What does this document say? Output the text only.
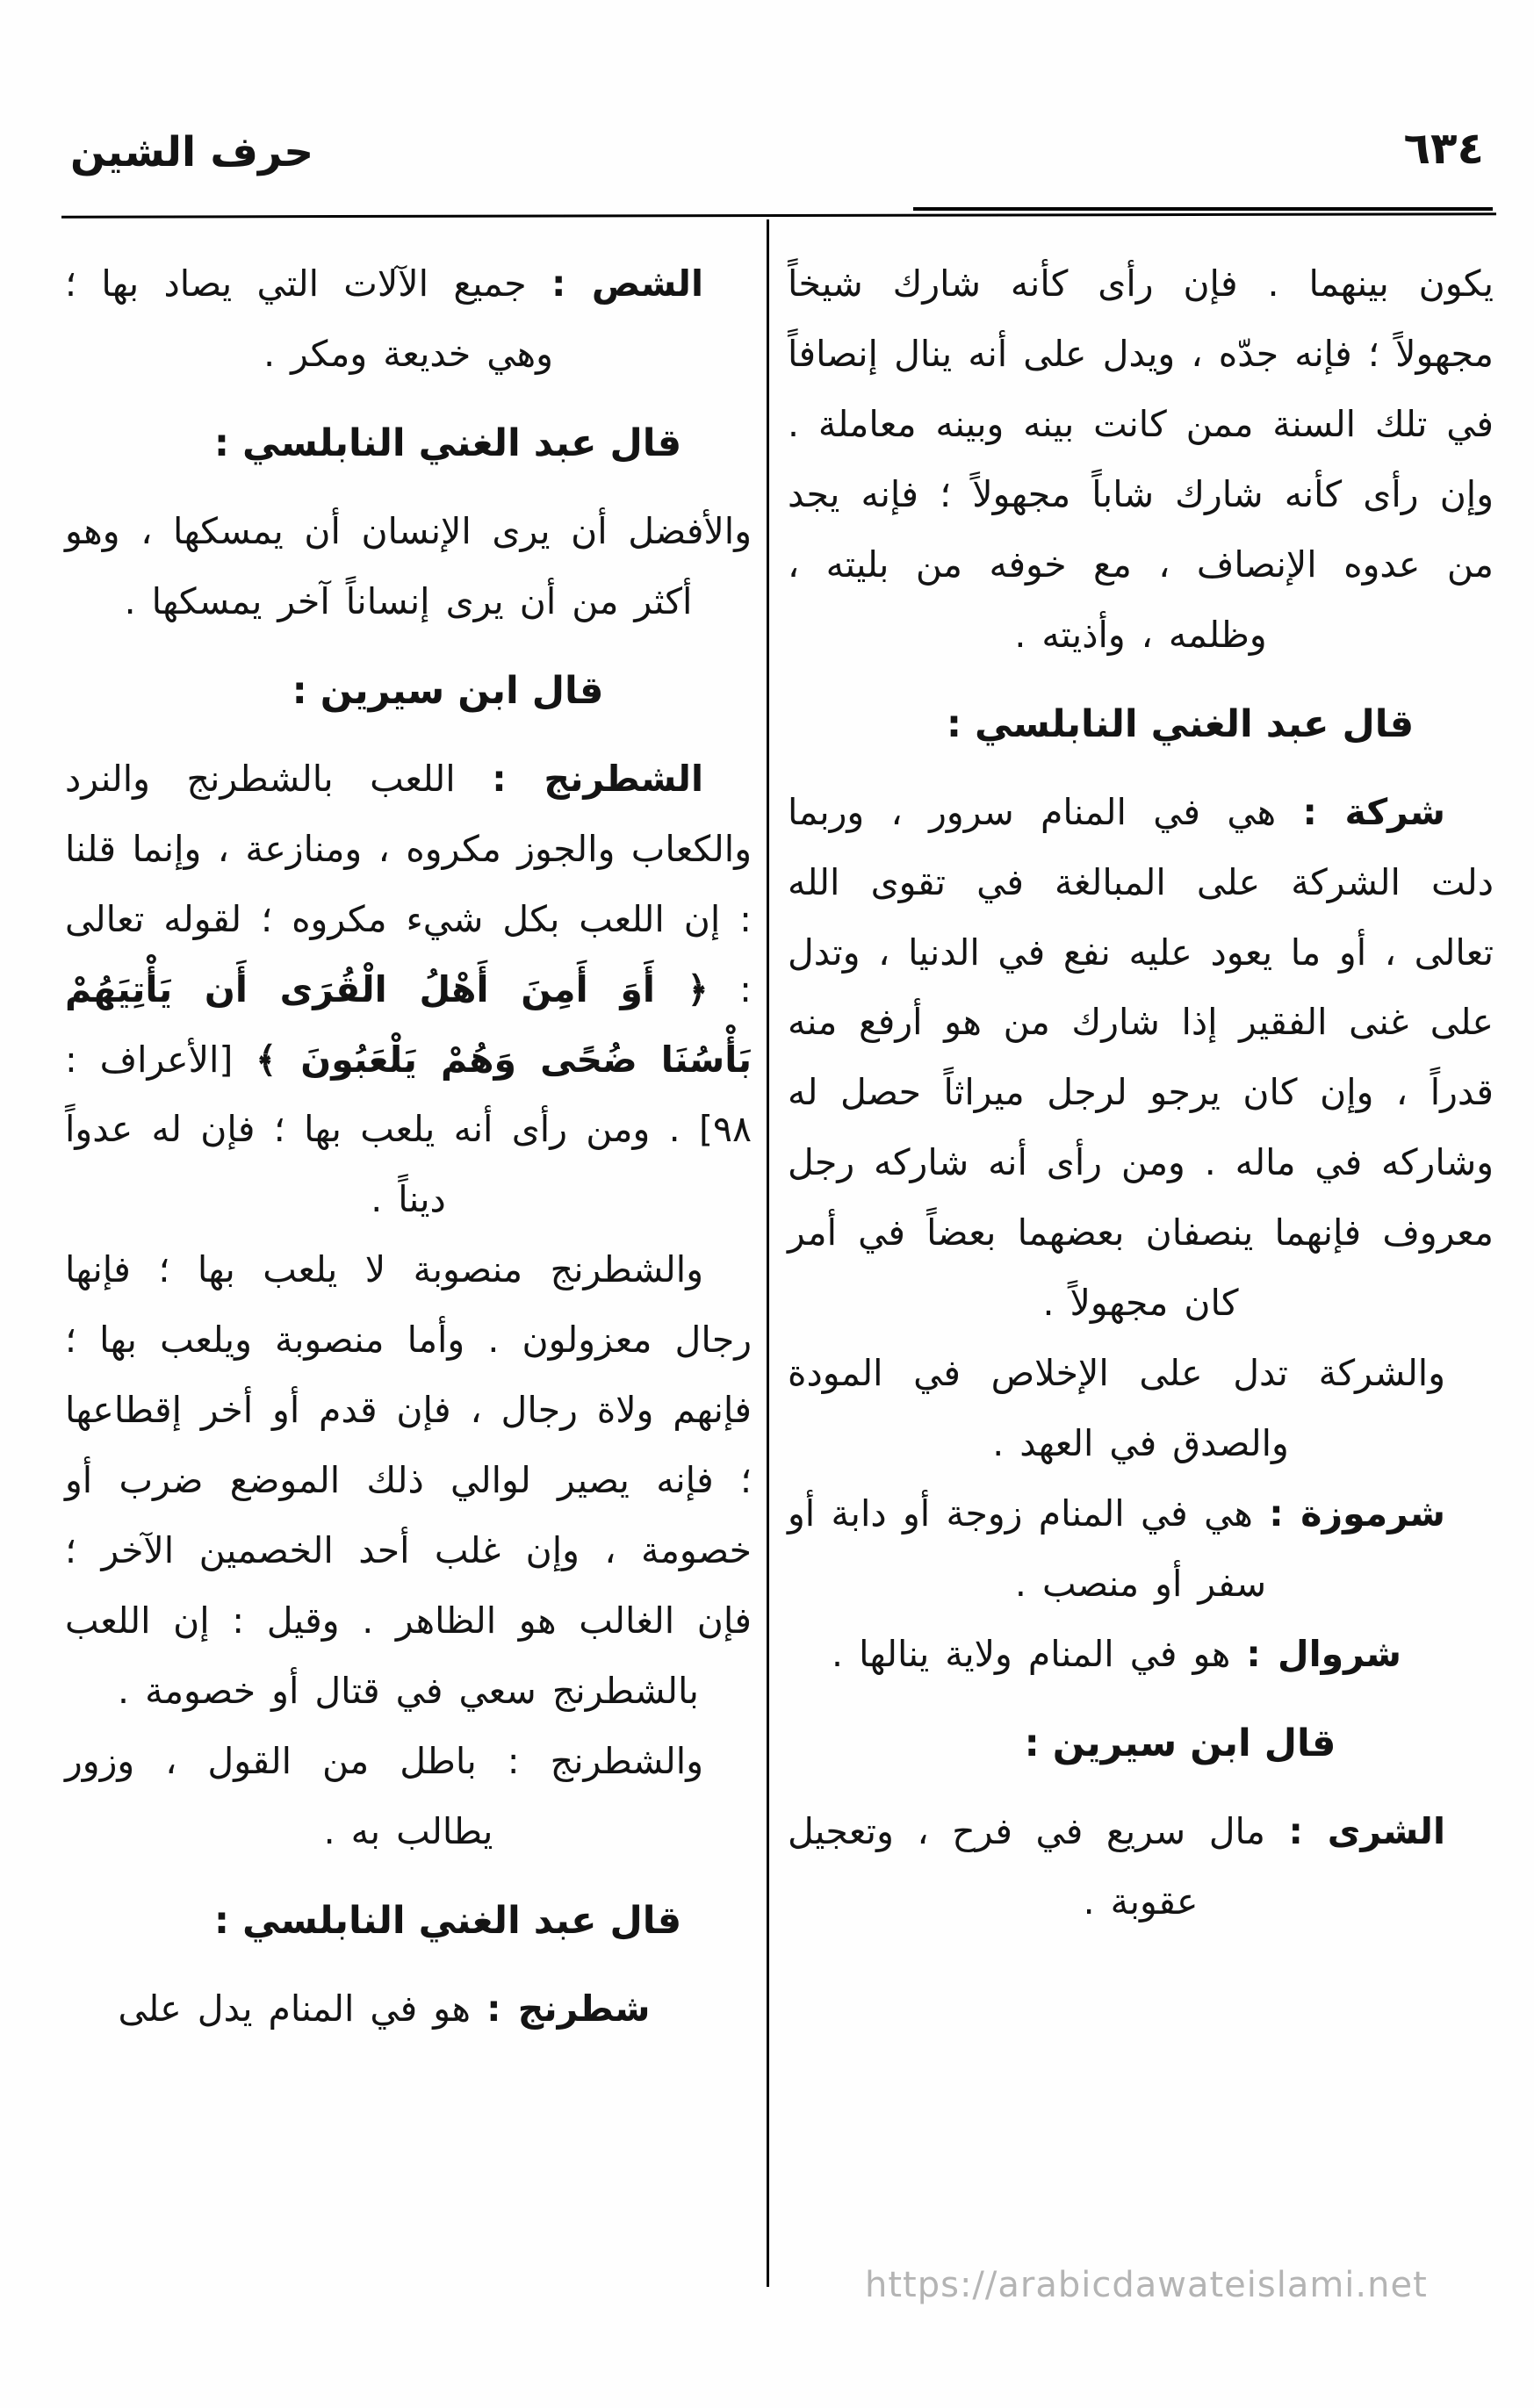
حرف الشين	٦٣٤
يكون بينهما . فإن رأى كأنه شارك شيخاً مجهولاً ؛ فإنه جدّه ، ويدل على أنه ينال إنصافاً في تلك السنة ممن كانت بينه وبينه معاملة . وإن رأى كأنه شارك شاباً مجهولاً ؛ فإنه يجد من عدوه الإنصاف ، مع خوفه من بليته ، وظلمه ، وأذيته .
قال عبد الغني النابلسي :
شركة : هي في المنام سرور ، وربما دلت الشركة على المبالغة في تقوى الله تعالى ، أو ما يعود عليه نفع في الدنيا ، وتدل على غنى الفقير إذا شارك من هو أرفع منه قدراً ، وإن كان يرجو لرجل ميراثاً حصل له وشاركه في ماله . ومن رأى أنه شاركه رجل معروف فإنهما ينصفان بعضهما بعضاً في أمر كان مجهولاً .
والشركة تدل على الإخلاص في المودة والصدق في العهد .
شرموزة : هي في المنام زوجة أو دابة أو سفر أو منصب .
شروال : هو في المنام ولاية ينالها .
قال ابن سيرين :
الشرى : مال سريع في فرح ، وتعجيل عقوبة .
الشص : جميع الآلات التي يصاد بها ؛ وهي خديعة ومكر .
قال عبد الغني النابلسي :
والأفضل أن يرى الإنسان أن يمسكها ، وهو أكثر من أن يرى إنساناً آخر يمسكها .
قال ابن سيرين :
الشطرنج : اللعب بالشطرنج والنرد والكعاب والجوز مكروه ، ومنازعة ، وإنما قلنا : إن اللعب بكل شيء مكروه ؛ لقوله تعالى : ﴿ أَوَ أَمِنَ أَهْلُ الْقُرَى أَن يَأْتِيَهُمْ بَأْسُنَا ضُحًى وَهُمْ يَلْعَبُونَ ﴾ [الأعراف : ٩٨] . ومن رأى أنه يلعب بها ؛ فإن له عدواً ديناً .
والشطرنج منصوبة لا يلعب بها ؛ فإنها رجال معزولون . وأما منصوبة ويلعب بها ؛ فإنهم ولاة رجال ، فإن قدم أو أخر إقطاعها ؛ فإنه يصير لوالي ذلك الموضع ضرب أو خصومة ، وإن غلب أحد الخصمين الآخر ؛ فإن الغالب هو الظاهر . وقيل : إن اللعب بالشطرنج سعي في قتال أو خصومة .
والشطرنج : باطل من القول ، وزور يطالب به .
قال عبد الغني النابلسي :
شطرنج : هو في المنام يدل على
https://arabicdawateislami.net
